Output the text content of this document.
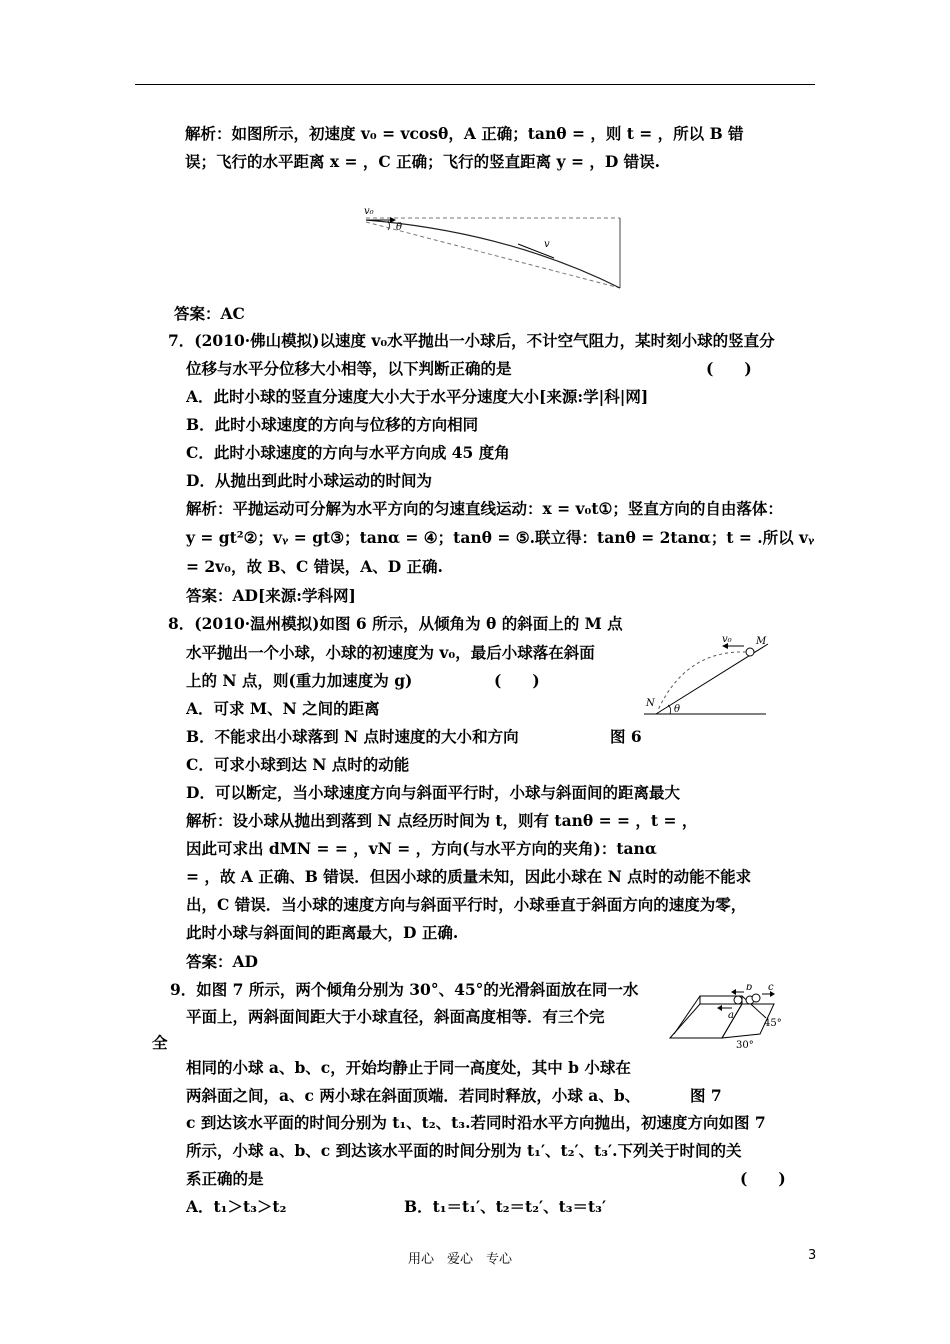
解析：如图所示，初速度 v₀ = vcosθ，A 正确；tanθ = ，则 t = ，所以 B 错
误；飞行的水平距离 x = ，C 正确；飞行的竖直距离 y = ，D 错误.
v₀
θ
v
答案：AC
7．(2010·佛山模拟)以速度 v₀水平抛出一小球后，不计空气阻力，某时刻小球的竖直分
位移与水平分位移大小相等，以下判断正确的是	(　　)
A．此时小球的竖直分速度大小大于水平分速度大小[来源:学|科|网]
B．此时小球速度的方向与位移的方向相同
C．此时小球速度的方向与水平方向成 45 度角
D．从抛出到此时小球运动的时间为
解析：平抛运动可分解为水平方向的匀速直线运动：x = v₀t①；竖直方向的自由落体：
y = gt²②；vᵧ = gt③；tanα = ④；tanθ = ⑤.联立得：tanθ = 2tanα；t = .所以 vᵧ
= 2v₀，故 B、C 错误，A、D 正确.
答案：AD[来源:学科网]
8．(2010·温州模拟)如图 6 所示，从倾角为 θ 的斜面上的 M 点
水平抛出一个小球，小球的初速度为 v₀，最后小球落在斜面
上的 N 点，则(重力加速度为 g)	(　　)
A．可求 M、N 之间的距离
B．不能求出小球落到 N 点时速度的大小和方向	图 6
C．可求小球到达 N 点时的动能
D．可以断定，当小球速度方向与斜面平行时，小球与斜面间的距离最大
解析：设小球从抛出到落到 N 点经历时间为 t，则有 tanθ = = ，t = ，
因此可求出 dMN = = ，vN = ，方向(与水平方向的夹角)：tanα
= ，故 A 正确、B 错误．但因小球的质量未知，因此小球在 N 点时的动能不能求
出，C 错误．当小球的速度方向与斜面平行时，小球垂直于斜面方向的速度为零，
此时小球与斜面间的距离最大，D 正确.
答案：AD
v₀ M
N
θ
9．如图 7 所示，两个倾角分别为 30°、45°的光滑斜面放在同一水
平面上，两斜面间距大于小球直径，斜面高度相等．有三个完
全
相同的小球 a、b、c，开始均静止于同一高度处，其中 b 小球在
两斜面之间，a、c 两小球在斜面顶端．若同时释放，小球 a、b、	图 7
c 到达该水平面的时间分别为 t₁、t₂、t₃.若同时沿水平方向抛出，初速度方向如图 7
所示，小球 a、b、c 到达该水平面的时间分别为 t₁′、t₂′、t₃′.下列关于时间的关
系正确的是	(　　)
A．t₁＞t₃＞t₂	B．t₁＝t₁′、t₂＝t₂′、t₃＝t₃′
a
b c
45°
30°
用心　爱心　专心	3
